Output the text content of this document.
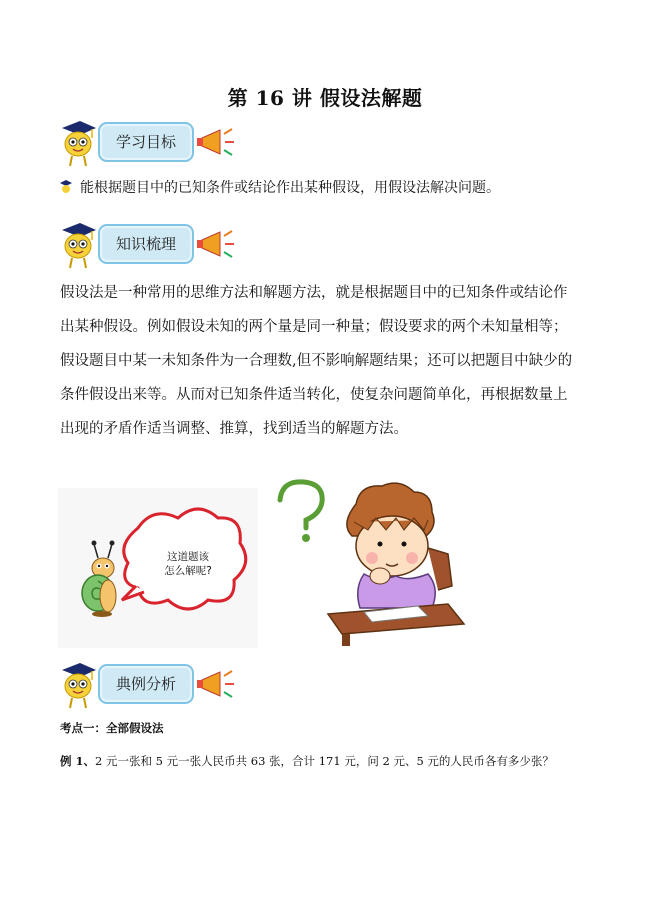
第 16 讲 假设法解题
学习目标
能根据题目中的已知条件或结论作出某种假设，用假设法解决问题。
知识梳理

假设法是一种常用的思维方法和解题方法，就是根据题目中的已知条件或结论作

出某种假设。例如假设未知的两个量是同一种量；假设要求的两个未知量相等；

假设题目中某一未知条件为一合理数,但不影响解题结果；还可以把题目中缺少的

条件假设出来等。从而对已知条件适当转化，使复杂问题简单化，再根据数量上

出现的矛盾作适当调整、推算，找到适当的解题方法。

这道题该
怎么解呢?
典例分析
考点一：全部假设法
例 1、2 元一张和 5 元一张人民币共 63 张，合计 171 元，问 2 元、5 元的人民币各有多少张？
